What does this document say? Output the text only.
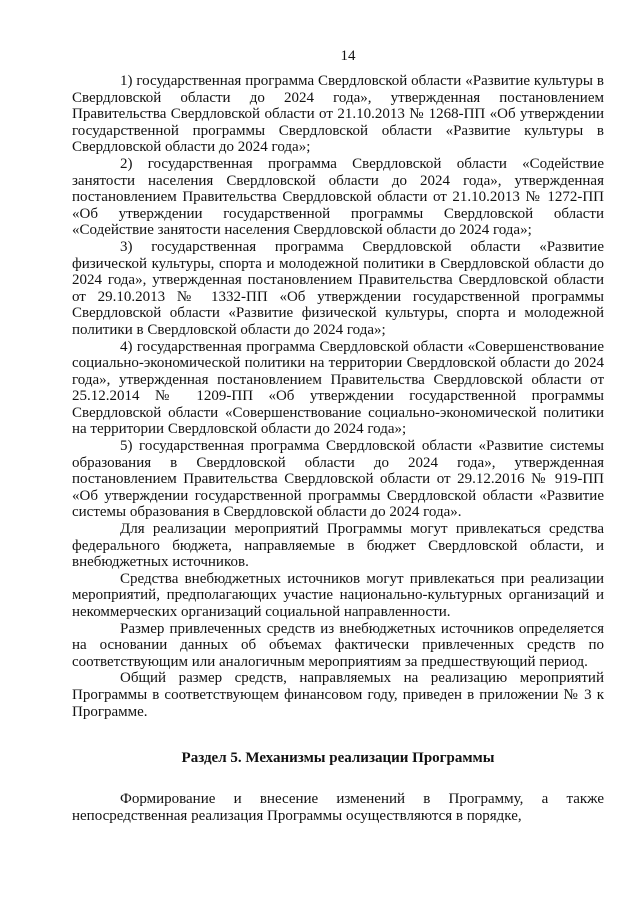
14

1) государственная программа Свердловской области «Развитие культуры в Свердловской области до 2024 года», утвержденная постановлением Правительства Свердловской области от 21.10.2013 № 1268-ПП «Об утверждении государственной программы Свердловской области «Развитие культуры в Свердловской области до 2024 года»;

2) государственная программа Свердловской области «Содействие занятости населения Свердловской области до 2024 года», утвержденная постановлением Правительства Свердловской области от 21.10.2013 № 1272-ПП «Об утверждении государственной программы Свердловской области «Содействие занятости населения Свердловской области до 2024 года»;

3) государственная программа Свердловской области «Развитие физической культуры, спорта и молодежной политики в Свердловской области до 2024 года», утвержденная постановлением Правительства Свердловской области от 29.10.2013 № 1332-ПП «Об утверждении государственной программы Свердловской области «Развитие физической культуры, спорта и молодежной политики в Свердловской области до 2024 года»;

4) государственная программа Свердловской области «Совершенствование социально-экономической политики на территории Свердловской области до 2024 года», утвержденная постановлением Правительства Свердловской области от 25.12.2014 № 1209-ПП «Об утверждении государственной программы Свердловской области «Совершенствование социально-экономической политики на территории Свердловской области до 2024 года»;

5) государственная программа Свердловской области «Развитие системы образования в Свердловской области до 2024 года», утвержденная постановлением Правительства Свердловской области от 29.12.2016 № 919-ПП «Об утверждении государственной программы Свердловской области «Развитие системы образования в Свердловской области до 2024 года».

Для реализации мероприятий Программы могут привлекаться средства федерального бюджета, направляемые в бюджет Свердловской области, и внебюджетных источников.

Средства внебюджетных источников могут привлекаться при реализации мероприятий, предполагающих участие национально-культурных организаций и некоммерческих организаций социальной направленности.

Размер привлеченных средств из внебюджетных источников определяется на основании данных об объемах фактически привлеченных средств по соответствующим или аналогичным мероприятиям за предшествующий период.

Общий размер средств, направляемых на реализацию мероприятий Программы в соответствующем финансовом году, приведен в приложении № 3 к Программе.

Раздел 5. Механизмы реализации Программы

Формирование и внесение изменений в Программу, а также непосредственная реализация Программы осуществляются в порядке,
